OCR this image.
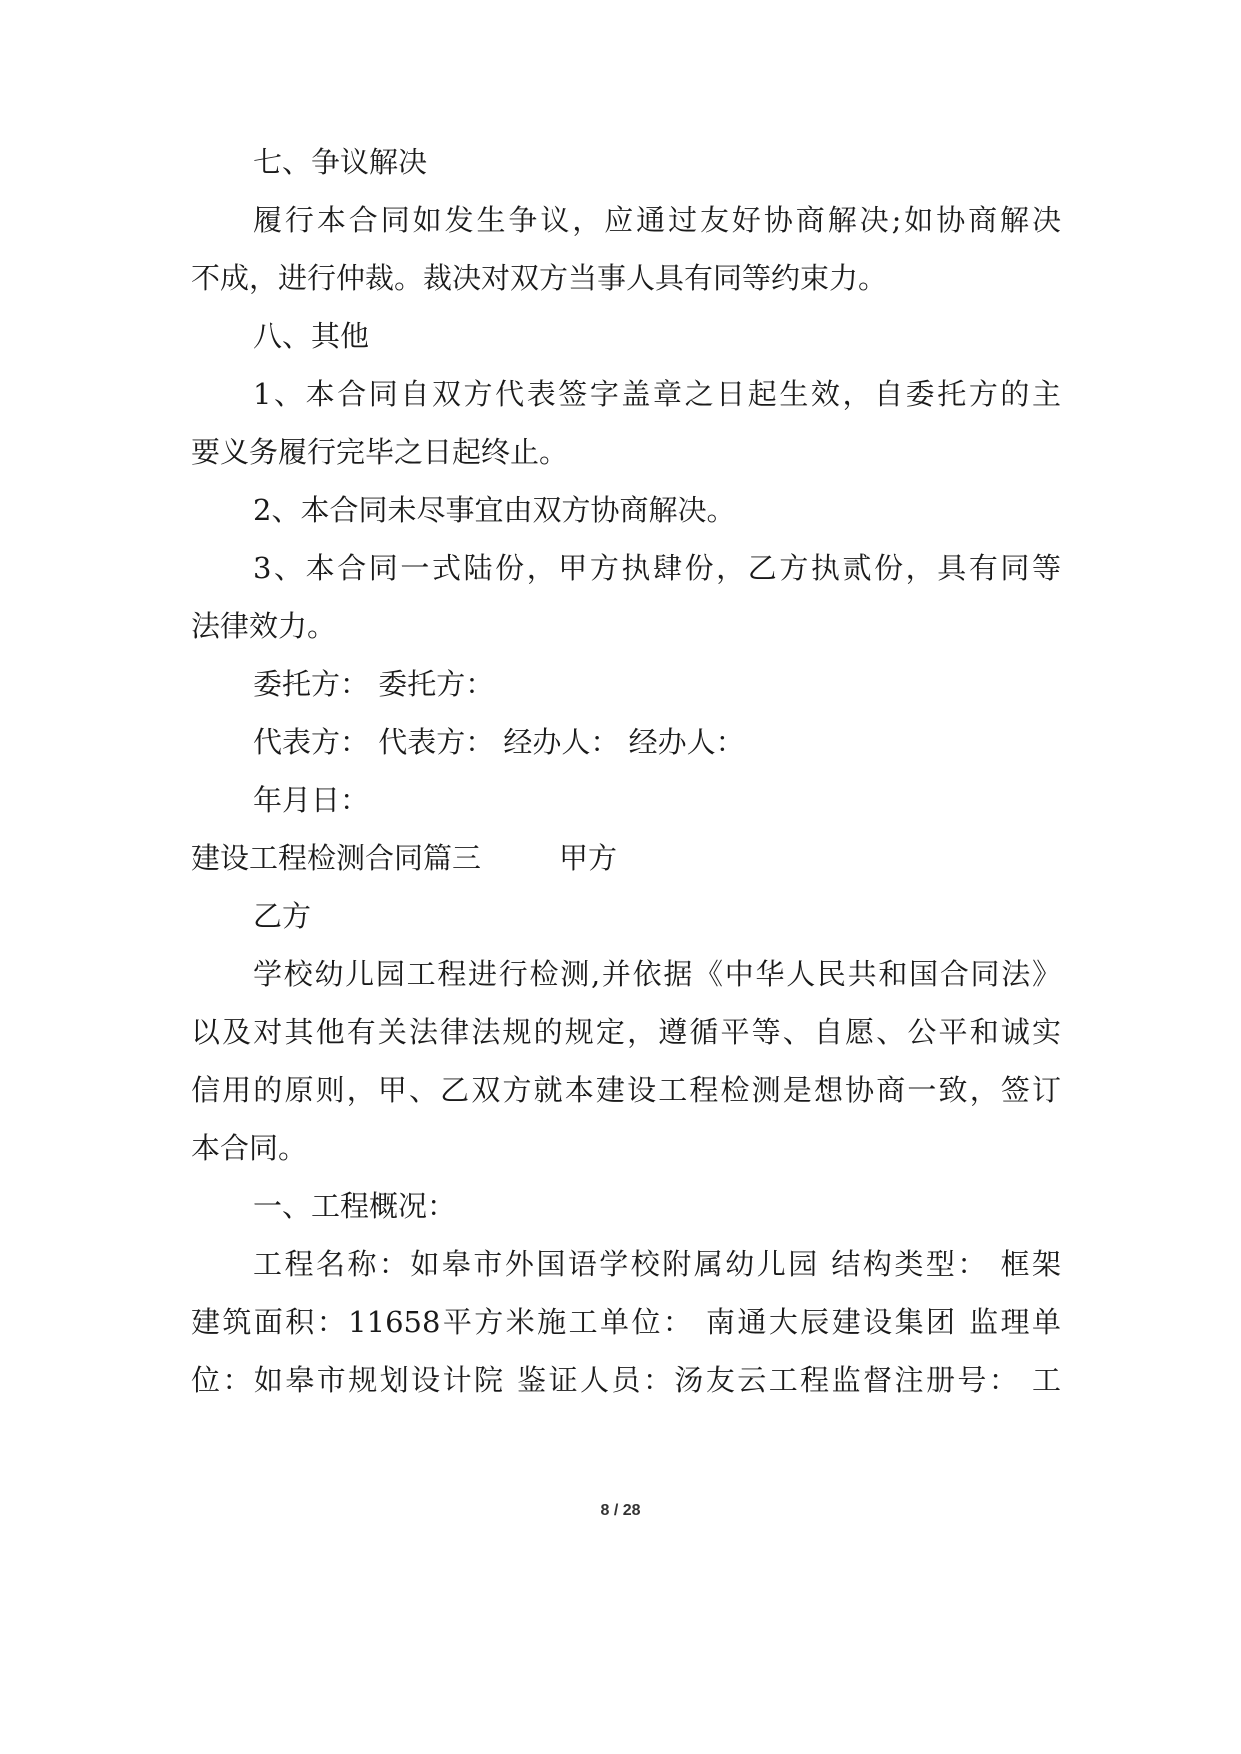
七、争议解决
履行本合同如发生争议，应通过友好协商解决;如协商解决
不成，进行仲裁。裁决对双方当事人具有同等约束力。
八、其他
1、本合同自双方代表签字盖章之日起生效，自委托方的主
要义务履行完毕之日起终止。
2、本合同未尽事宜由双方协商解决。
3、本合同一式陆份，甲方执肆份，乙方执贰份，具有同等
法律效力。
委托方： 委托方：
代表方： 代表方： 经办人： 经办人：
年月日：
建设工程检测合同篇三	甲方
乙方
学校幼儿园工程进行检测,并依据《中华人民共和国合同法》
以及对其他有关法律法规的规定，遵循平等、自愿、公平和诚实
信用的原则，甲、乙双方就本建设工程检测是想协商一致，签订
本合同。
一、工程概况：
工程名称：如皋市外国语学校附属幼儿园 结构类型： 框架
建筑面积：11658平方米施工单位： 南通大辰建设集团 监理单
位：如皋市规划设计院 鉴证人员：汤友云工程监督注册号： 工
8 / 28
